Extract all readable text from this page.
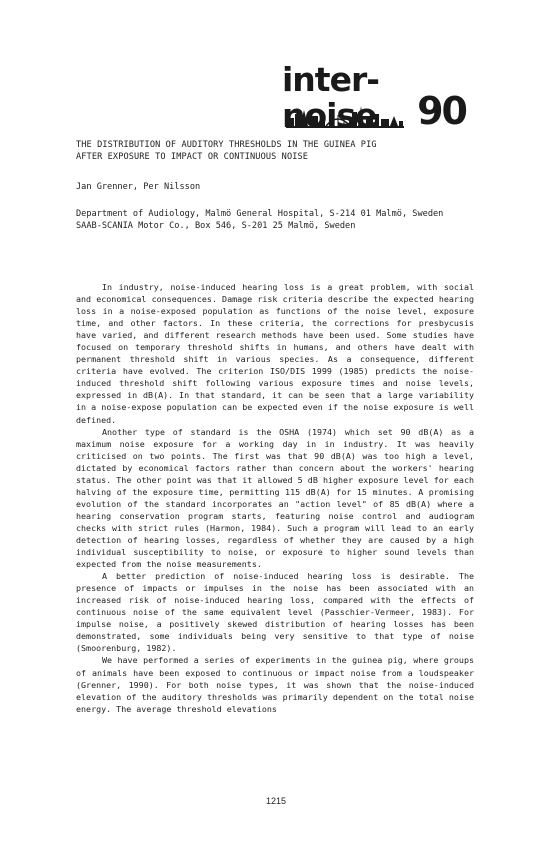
inter-noise	90
THE DISTRIBUTION OF AUDITORY THRESHOLDS IN THE GUINEA PIG
AFTER EXPOSURE TO IMPACT OR CONTINUOUS NOISE
Jan Grenner, Per Nilsson
Department of Audiology, Malmö General Hospital, S-214 01 Malmö, Sweden
SAAB-SCANIA Motor Co., Box 546, S-201 25 Malmö, Sweden

In industry, noise-induced hearing loss is a great problem, with social and economical consequences. Damage risk criteria describe the expected hearing loss in a noise-exposed population as functions of the noise level, exposure time, and other factors. In these criteria, the corrections for presbycusis have varied, and different research methods have been used. Some studies have focused on temporary threshold shifts in humans, and others have dealt with permanent threshold shift in various species. As a consequence, different criteria have evolved. The criterion ISO/DIS 1999 (1985) predicts the noise-induced threshold shift following various exposure times and noise levels, expressed in dB(A). In that standard, it can be seen that a large variability in a noise-expose population can be expected even if the noise exposure is well defined.

Another type of standard is the OSHA (1974) which set 90 dB(A) as a maximum noise exposure for a working day in in industry. It was heavily criticised on two points. The first was that 90 dB(A) was too high a level, dictated by economical factors rather than concern about the workers' hearing status. The other point was that it allowed 5 dB higher exposure level for each halving of the exposure time, permitting 115 dB(A) for 15 minutes. A promising evolution of the standard incorporates an "action level" of 85 dB(A) where a hearing conservation program starts, featuring noise control and audiogram checks with strict rules (Harmon, 1984). Such a program will lead to an early detection of hearing losses, regardless of whether they are caused by a high individual susceptibility to noise, or exposure to higher sound levels than expected from the noise measurements.

A better prediction of noise-induced hearing loss is desirable. The presence of impacts or impulses in the noise has been associated with an increased risk of noise-induced hearing loss, compared with the effects of continuous noise of the same equivalent level (Passchier-Vermeer, 1983). For impulse noise, a positively skewed distribution of hearing losses has been demonstrated, some individuals being very sensitive to that type of noise (Smoorenburg, 1982).

We have performed a series of experiments in the guinea pig, where groups of animals have been exposed to continuous or impact noise from a loudspeaker (Grenner, 1990). For both noise types, it was shown that the noise-induced elevation of the auditory thresholds was primarily dependent on the total noise energy. The average threshold elevations

1215
